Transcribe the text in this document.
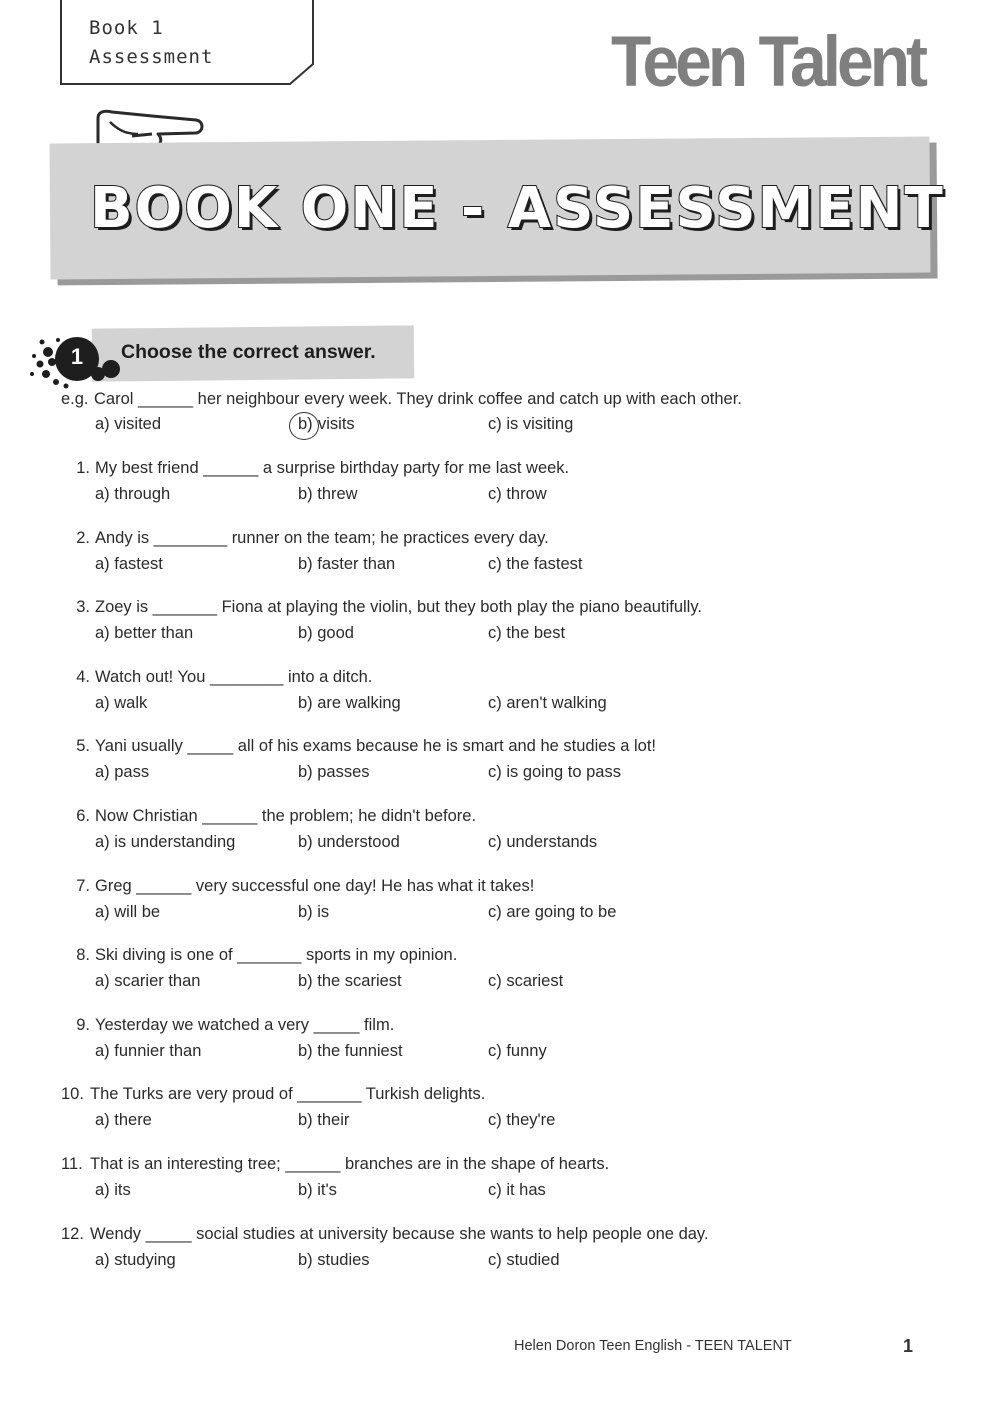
Book 1
Assessment	Teen Talent
BOOK ONE - ASSESSMENT
1	Choose the correct answer.
e.g. Carol ______ her neighbour every week. They drink coffee and catch up with each other.
a) visited	b) visits	c) is visiting
1. My best friend ______ a surprise birthday party for me last week.
a) through	b) threw	c) throw
2. Andy is ________ runner on the team; he practices every day.
a) fastest	b) faster than	c) the fastest
3. Zoey is _______ Fiona at playing the violin, but they both play the piano beautifully.
a) better than	b) good	c) the best
4. Watch out! You ________ into a ditch.
a) walk	b) are walking	c) aren't walking
5. Yani usually _____ all of his exams because he is smart and he studies a lot!
a) pass	b) passes	c) is going to pass
6. Now Christian ______ the problem; he didn't before.
a) is understanding	b) understood	c) understands
7. Greg ______ very successful one day! He has what it takes!
a) will be	b) is	c) are going to be
8. Ski diving is one of _______ sports in my opinion.
a) scarier than	b) the scariest	c) scariest
9. Yesterday we watched a very _____ film.
a) funnier than	b) the funniest	c) funny
10. The Turks are very proud of _______ Turkish delights.
a) there	b) their	c) they're
11. That is an interesting tree; ______ branches are in the shape of hearts.
a) its	b) it's	c) it has
12. Wendy _____ social studies at university because she wants to help people one day.
a) studying	b) studies	c) studied
Helen Doron Teen English - TEEN TALENT	1
